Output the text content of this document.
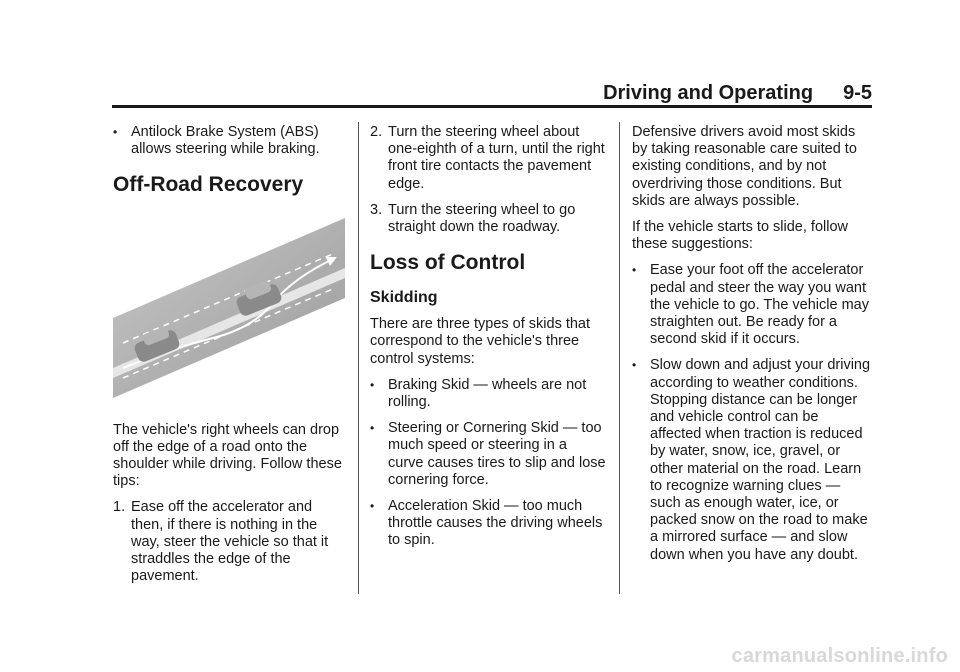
Driving and Operating 9-5
• Antilock Brake System (ABS) allows steering while braking.
Off-Road Recovery

The vehicle's right wheels can drop off the edge of a road onto the shoulder while driving. Follow these tips:

1. Ease off the accelerator and then, if there is nothing in the way, steer the vehicle so that it straddles the edge of the pavement.
2. Turn the steering wheel about one-eighth of a turn, until the right front tire contacts the pavement edge.
3. Turn the steering wheel to go straight down the roadway.
Loss of Control
Skidding

There are three types of skids that correspond to the vehicle's three control systems:

• Braking Skid — wheels are not rolling.
• Steering or Cornering Skid — too much speed or steering in a curve causes tires to slip and lose cornering force.
• Acceleration Skid — too much throttle causes the driving wheels to spin.

Defensive drivers avoid most skids by taking reasonable care suited to existing conditions, and by not overdriving those conditions. But skids are always possible.

If the vehicle starts to slide, follow these suggestions:

• Ease your foot off the accelerator pedal and steer the way you want the vehicle to go. The vehicle may straighten out. Be ready for a second skid if it occurs.
• Slow down and adjust your driving according to weather conditions. Stopping distance can be longer and vehicle control can be affected when traction is reduced by water, snow, ice, gravel, or other material on the road. Learn to recognize warning clues — such as enough water, ice, or packed snow on the road to make a mirrored surface — and slow down when you have any doubt.
carmanualsonline.info
